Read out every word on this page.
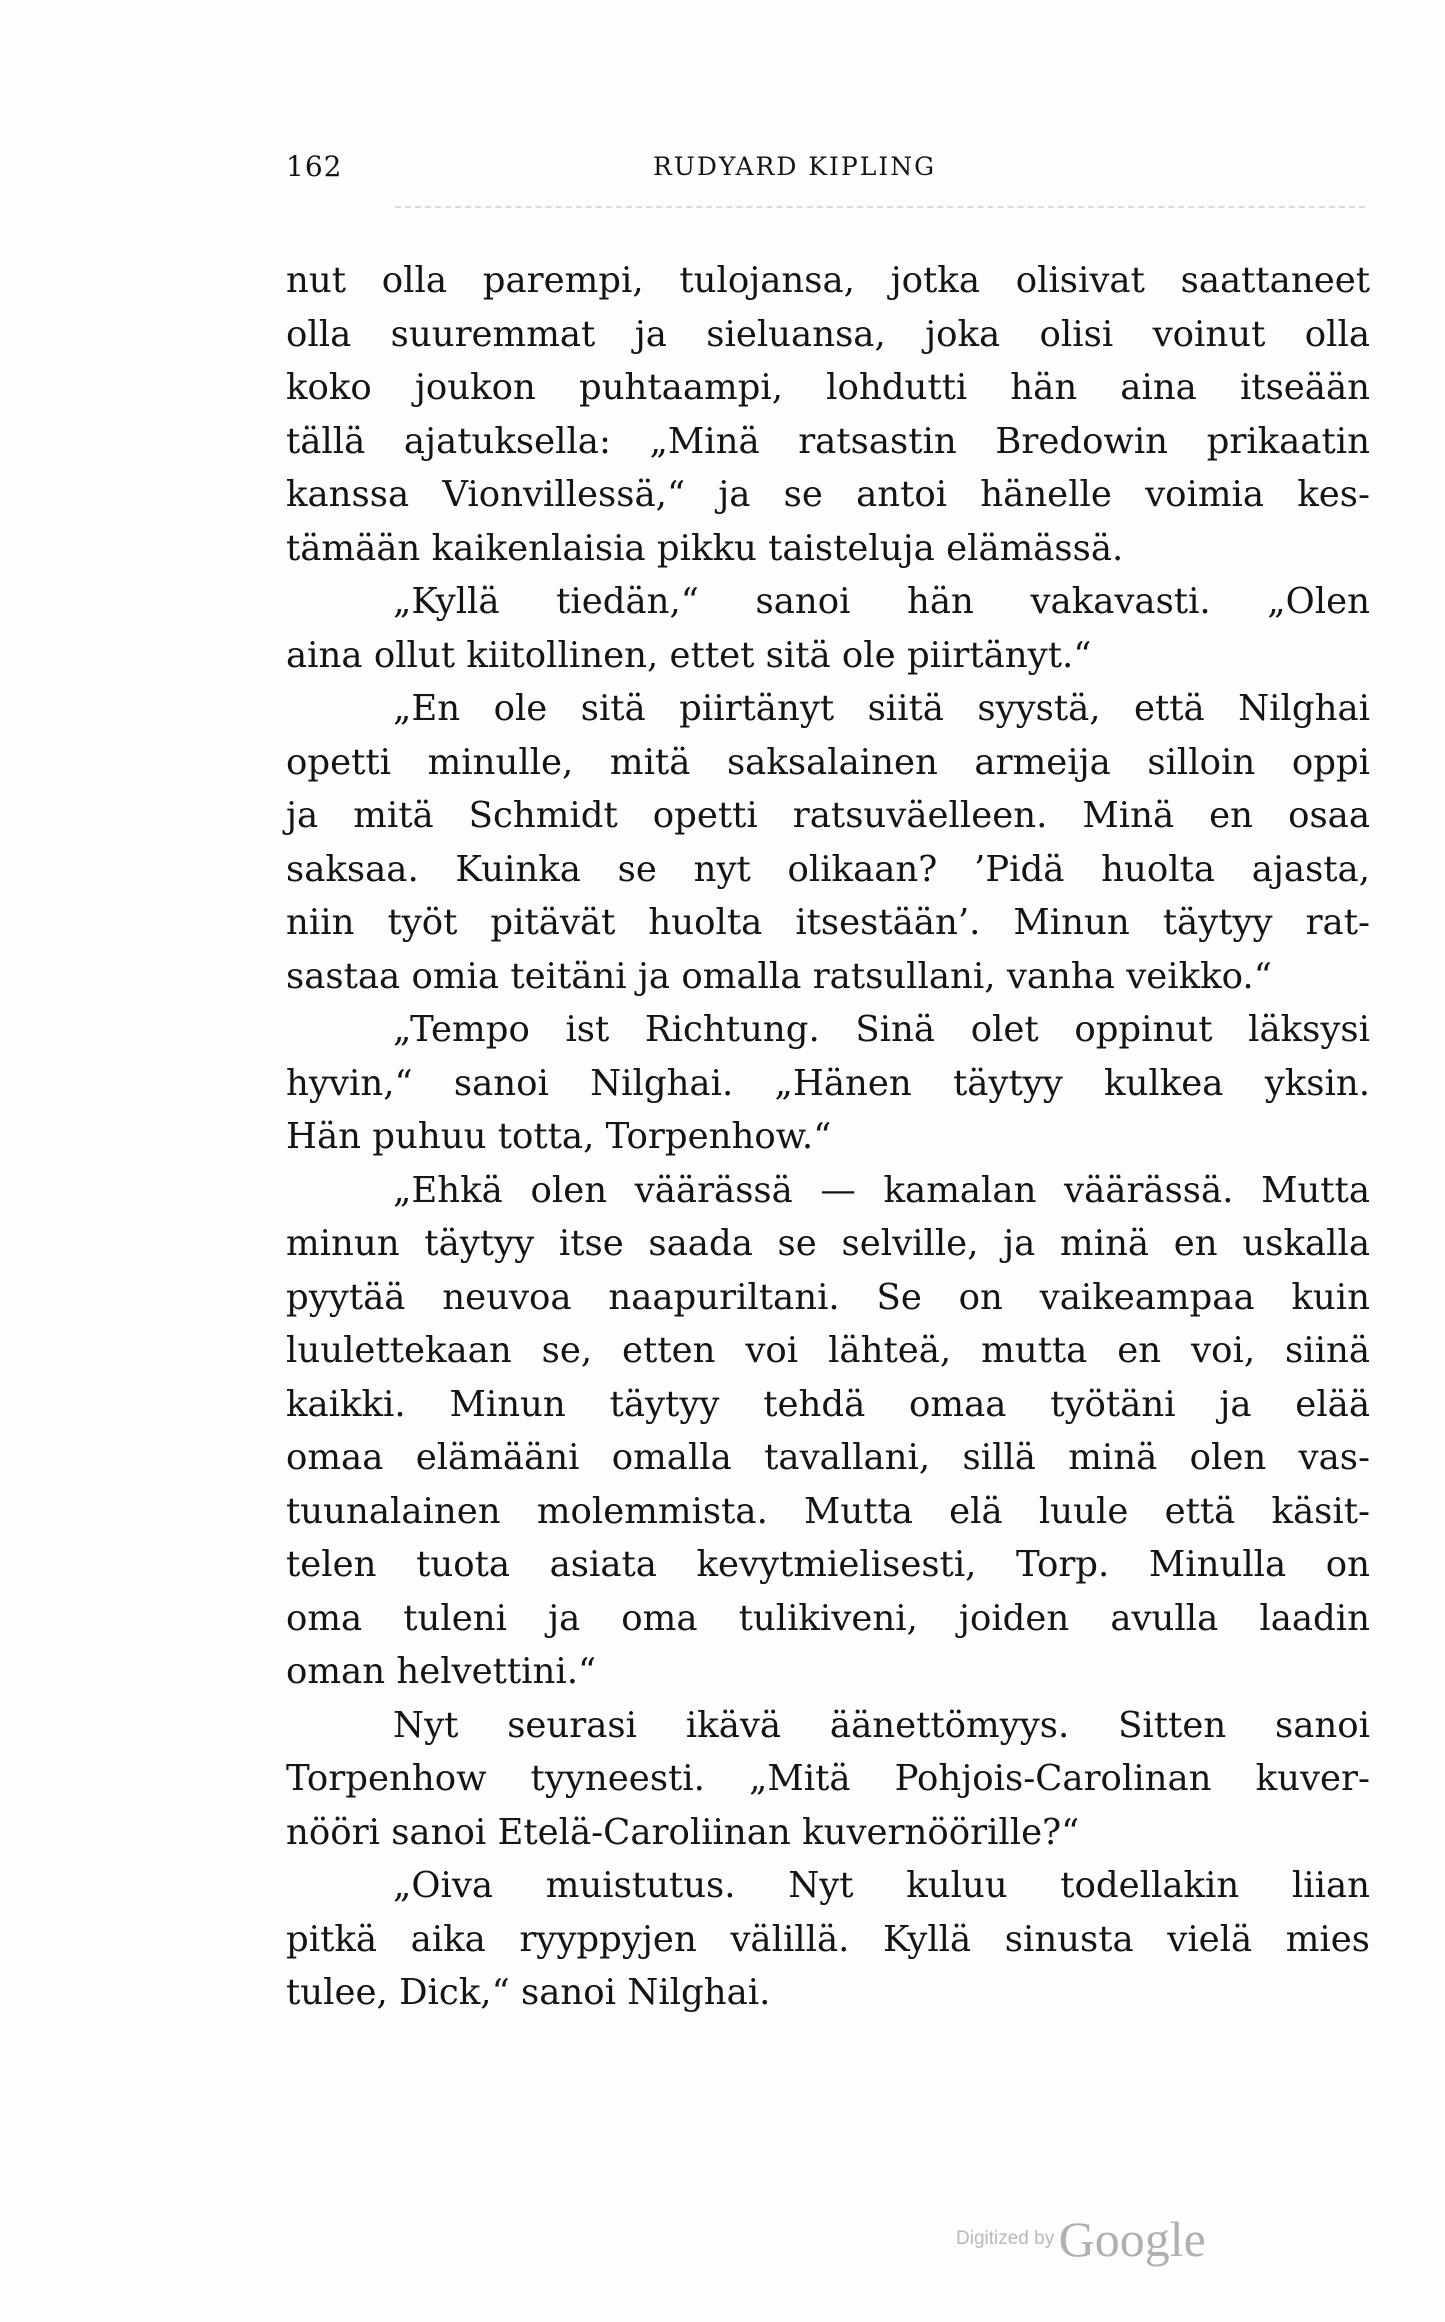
162	RUDYARD KIPLING
nut olla parempi, tulojansa, jotka olisivat saattaneet
olla suuremmat ja sieluansa, joka olisi voinut olla
koko joukon puhtaampi, lohdutti hän aina itseään
tällä ajatuksella: „Minä ratsastin Bredowin prikaatin
kanssa Vionvillessä,“ ja se antoi hänelle voimia kes-
tämään kaikenlaisia pikku taisteluja elämässä.
„Kyllä tiedän,“ sanoi hän vakavasti. „Olen
aina ollut kiitollinen, ettet sitä ole piirtänyt.“
„En ole sitä piirtänyt siitä syystä, että Nilghai
opetti minulle, mitä saksalainen armeija silloin oppi
ja mitä Schmidt opetti ratsuväelleen. Minä en osaa
saksaa. Kuinka se nyt olikaan? ’Pidä huolta ajasta,
niin työt pitävät huolta itsestään’. Minun täytyy rat-
sastaa omia teitäni ja omalla ratsullani, vanha veikko.“
„Tempo ist Richtung. Sinä olet oppinut läksysi
hyvin,“ sanoi Nilghai. „Hänen täytyy kulkea yksin.
Hän puhuu totta, Torpenhow.“
„Ehkä olen väärässä — kamalan väärässä. Mutta
minun täytyy itse saada se selville, ja minä en uskalla
pyytää neuvoa naapuriltani. Se on vaikeampaa kuin
luulettekaan se, etten voi lähteä, mutta en voi, siinä
kaikki. Minun täytyy tehdä omaa työtäni ja elää
omaa elämääni omalla tavallani, sillä minä olen vas-
tuunalainen molemmista. Mutta elä luule että käsit-
telen tuota asiata kevytmielisesti, Torp. Minulla on
oma tuleni ja oma tulikiveni, joiden avulla laadin
oman helvettini.“
Nyt seurasi ikävä äänettömyys. Sitten sanoi
Torpenhow tyyneesti. „Mitä Pohjois-Carolinan kuver-
nööri sanoi Etelä-Caroliinan kuvernöörille?“
„Oiva muistutus. Nyt kuluu todellakin liian
pitkä aika ryyppyjen välillä. Kyllä sinusta vielä mies
tulee, Dick,“ sanoi Nilghai.
Digitized by Google
